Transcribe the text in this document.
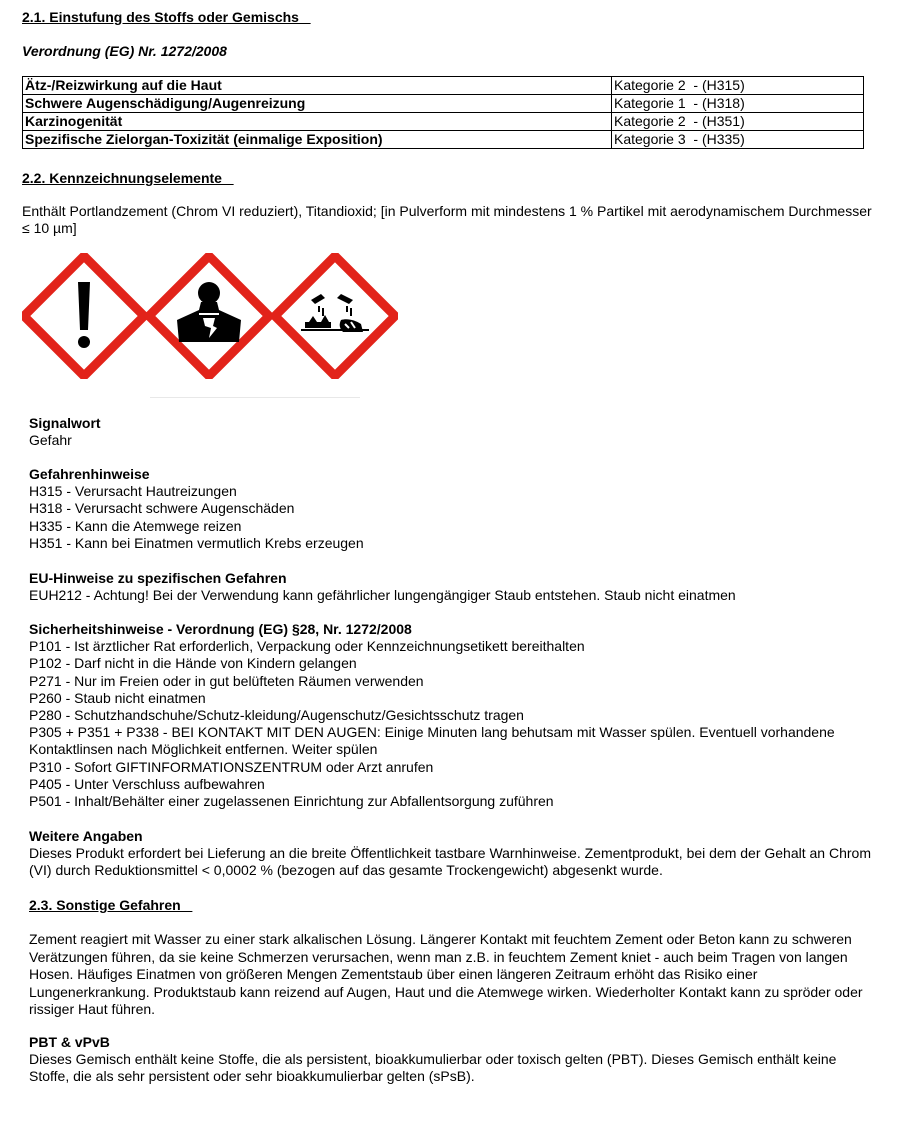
2.1. Einstufung des Stoffs oder Gemischs
Verordnung (EG) Nr. 1272/2008
Ätz-/Reizwirkung auf die Haut	Kategorie 2  - (H315)
Schwere Augenschädigung/Augenreizung	Kategorie 1  - (H318)
Karzinogenität	Kategorie 2  - (H351)
Spezifische Zielorgan-Toxizität (einmalige Exposition)	Kategorie 3  - (H335)
2.2. Kennzeichnungselemente
Enthält Portlandzement (Chrom VI reduziert), Titandioxid; [in Pulverform mit mindestens 1 % Partikel mit aerodynamischem Durchmesser ≤ 10 µm]
Signalwort
Gefahr
Gefahrenhinweise
H315 - Verursacht Hautreizungen
H318 - Verursacht schwere Augenschäden
H335 - Kann die Atemwege reizen
H351 - Kann bei Einatmen vermutlich Krebs erzeugen
EU-Hinweise zu spezifischen Gefahren
EUH212 - Achtung! Bei der Verwendung kann gefährlicher lungengängiger Staub entstehen. Staub nicht einatmen
Sicherheitshinweise - Verordnung (EG) §28, Nr. 1272/2008
P101 - Ist ärztlicher Rat erforderlich, Verpackung oder Kennzeichnungsetikett bereithalten
P102 - Darf nicht in die Hände von Kindern gelangen
P271 - Nur im Freien oder in gut belüfteten Räumen verwenden
P260 - Staub nicht einatmen
P280 - Schutzhandschuhe/Schutz-kleidung/Augenschutz/Gesichtsschutz tragen
P305 + P351 + P338 - BEI KONTAKT MIT DEN AUGEN: Einige Minuten lang behutsam mit Wasser spülen. Eventuell vorhandene Kontaktlinsen nach Möglichkeit entfernen. Weiter spülen
P310 - Sofort GIFTINFORMATIONSZENTRUM oder Arzt anrufen
P405 - Unter Verschluss aufbewahren
P501 - Inhalt/Behälter einer zugelassenen Einrichtung zur Abfallentsorgung zuführen
Weitere Angaben
Dieses Produkt erfordert bei Lieferung an die breite Öffentlichkeit tastbare Warnhinweise. Zementprodukt, bei dem der Gehalt an Chrom (VI) durch Reduktionsmittel < 0,0002 % (bezogen auf das gesamte Trockengewicht) abgesenkt wurde.
2.3. Sonstige Gefahren
Zement reagiert mit Wasser zu einer stark alkalischen Lösung. Längerer Kontakt mit feuchtem Zement oder Beton kann zu schweren Verätzungen führen, da sie keine Schmerzen verursachen, wenn man z.B. in feuchtem Zement kniet - auch beim Tragen von langen Hosen. Häufiges Einatmen von größeren Mengen Zementstaub über einen längeren Zeitraum erhöht das Risiko einer Lungenerkrankung. Produktstaub kann reizend auf Augen, Haut und die Atemwege wirken. Wiederholter Kontakt kann zu spröder oder rissiger Haut führen.
PBT & vPvB
Dieses Gemisch enthält keine Stoffe, die als persistent, bioakkumulierbar oder toxisch gelten (PBT). Dieses Gemisch enthält keine Stoffe, die als sehr persistent oder sehr bioakkumulierbar gelten (sPsB).
